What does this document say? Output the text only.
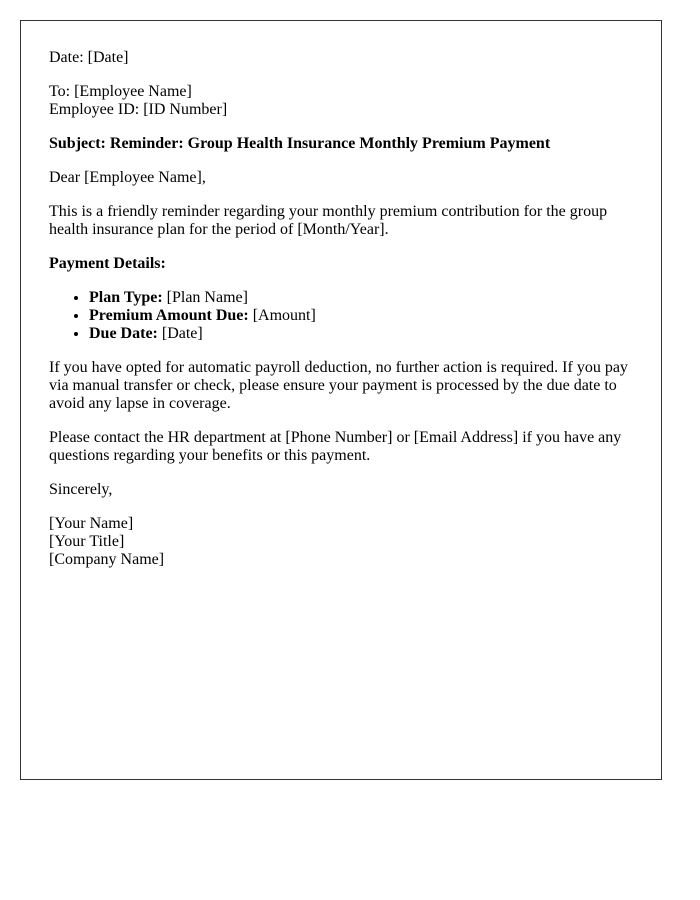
Date: [Date]

To: [Employee Name]
Employee ID: [ID Number]

Subject: Reminder: Group Health Insurance Monthly Premium Payment

Dear [Employee Name],

This is a friendly reminder regarding your monthly premium contribution for the group health insurance plan for the period of [Month/Year].

Payment Details:

• Plan Type: [Plan Name]
• Premium Amount Due: [Amount]
• Due Date: [Date]

If you have opted for automatic payroll deduction, no further action is required. If you pay via manual transfer or check, please ensure your payment is processed by the due date to avoid any lapse in coverage.

Please contact the HR department at [Phone Number] or [Email Address] if you have any questions regarding your benefits or this payment.

Sincerely,

[Your Name]
[Your Title]
[Company Name]
